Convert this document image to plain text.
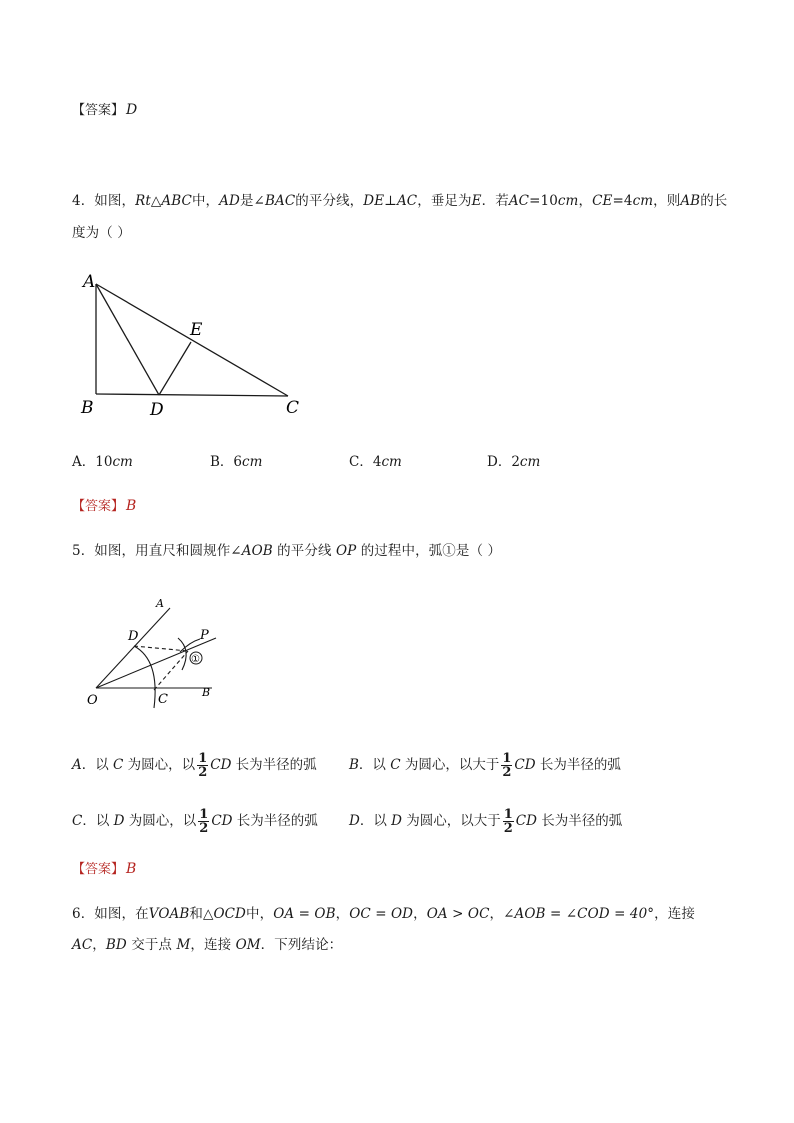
【答案】 D
4．如图，Rt△ABC中，AD是∠BAC的平分线，DE⊥AC，垂足为E．若AC=10cm，CE=4cm，则AB的长
度为（ ）
A
B	C
D
E
A．10cm	B．6cm	C．4cm	D．2cm
【答案】 B
5．如图，用直尺和圆规作∠AOB 的平分线 OP 的过程中，弧①是（ ）
A
B
C
D
O
P
①
A．以 C 为圆心，以 $\frac{1}{2}$ CD 长为半径的弧 B．以 C 为圆心，以大于 $\frac{1}{2}$ CD 长为半径的弧
C．以 D 为圆心，以 $\frac{1}{2}$ CD 长为半径的弧 D．以 D 为圆心，以大于 $\frac{1}{2}$ CD 长为半径的弧
【答案】 B
6．如图，在VOAB和△OCD中，OA = OB，OC = OD，OA > OC，∠AOB = ∠COD = 40°，连接
AC，BD 交于点 M，连接 OM．下列结论：
